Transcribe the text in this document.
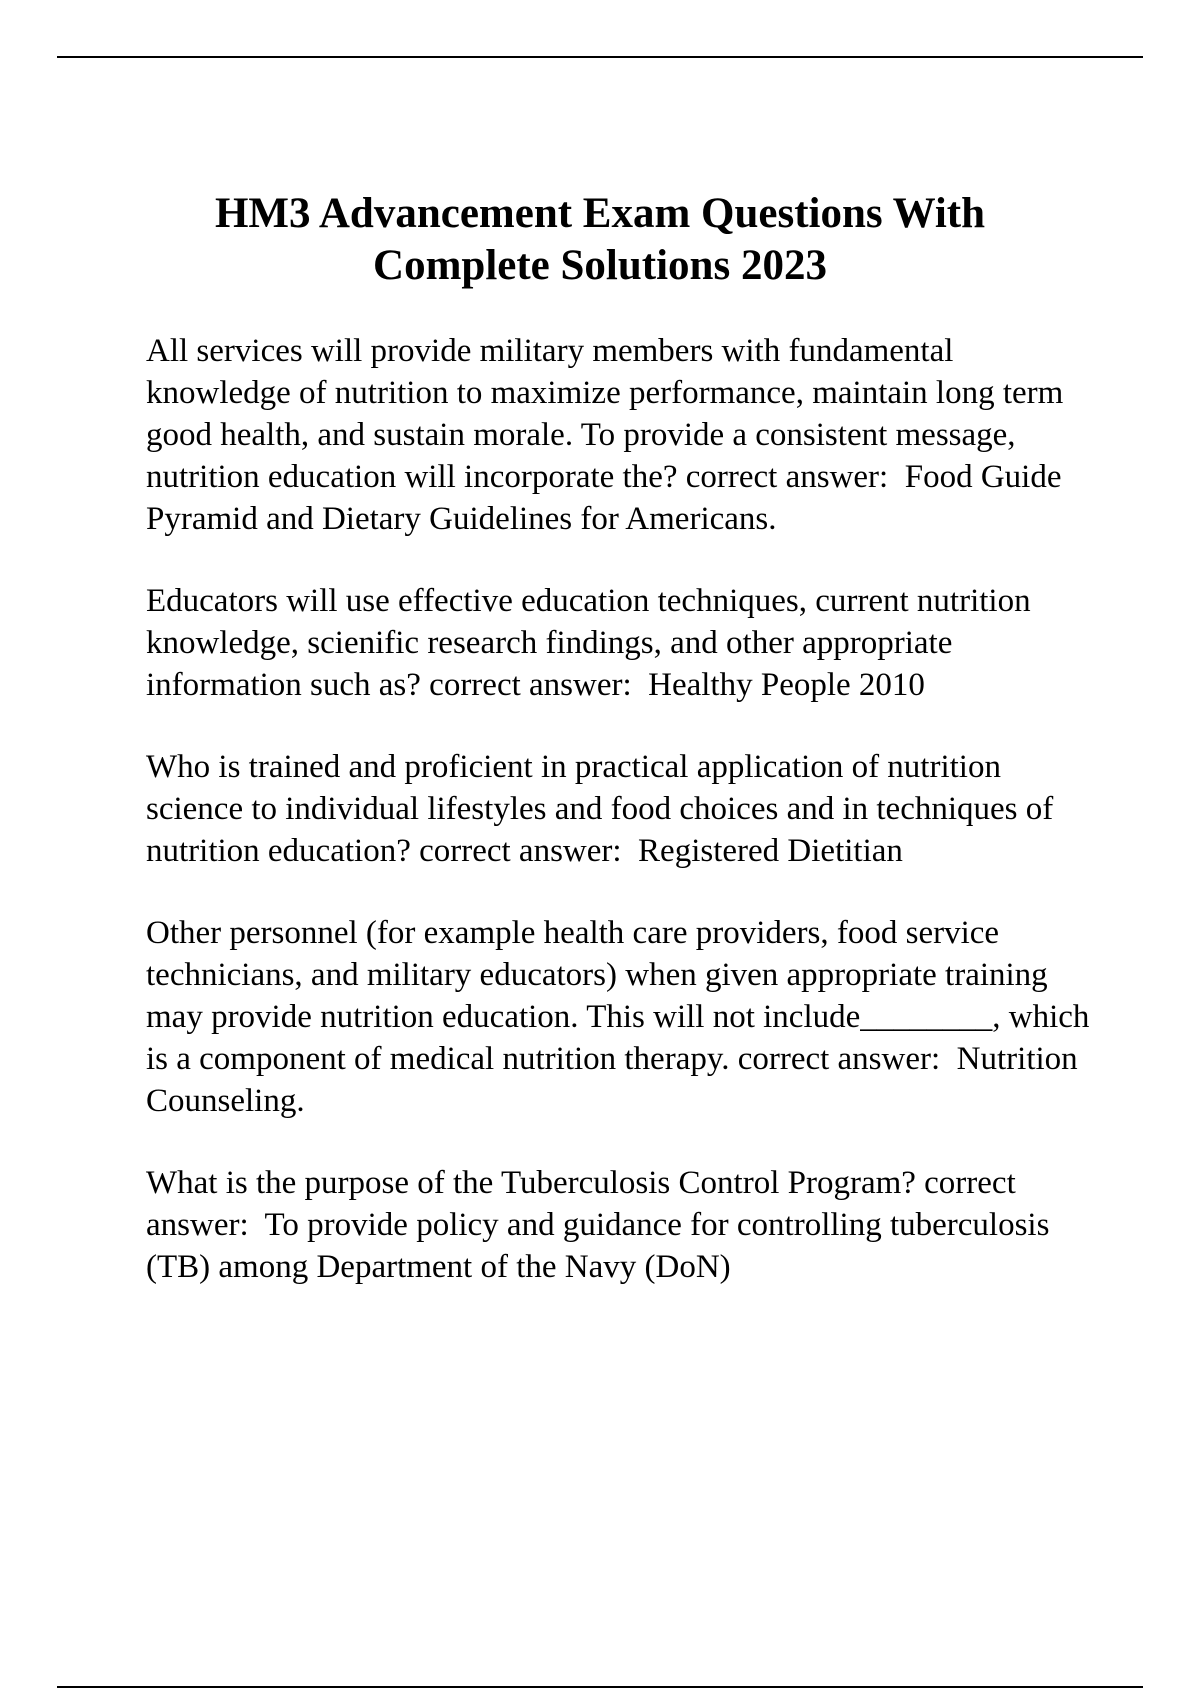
HM3 Advancement Exam Questions With
Complete Solutions 2023

All services will provide military members with fundamental knowledge of nutrition to maximize performance, maintain long term good health, and sustain morale. To provide a consistent message, nutrition education will incorporate the? correct answer:  Food Guide Pyramid and Dietary Guidelines for Americans.

Educators will use effective education techniques, current nutrition knowledge, scienific research findings, and other appropriate information such as? correct answer:  Healthy People 2010

Who is trained and proficient in practical application of nutrition science to individual lifestyles and food choices and in techniques of nutrition education? correct answer:  Registered Dietitian

Other personnel (for example health care providers, food service technicians, and military educators) when given appropriate training may provide nutrition education. This will not include________, which is a component of medical nutrition therapy. correct answer:  Nutrition Counseling.

What is the purpose of the Tuberculosis Control Program? correct answer:  To provide policy and guidance for controlling tuberculosis (TB) among Department of the Navy (DoN)
